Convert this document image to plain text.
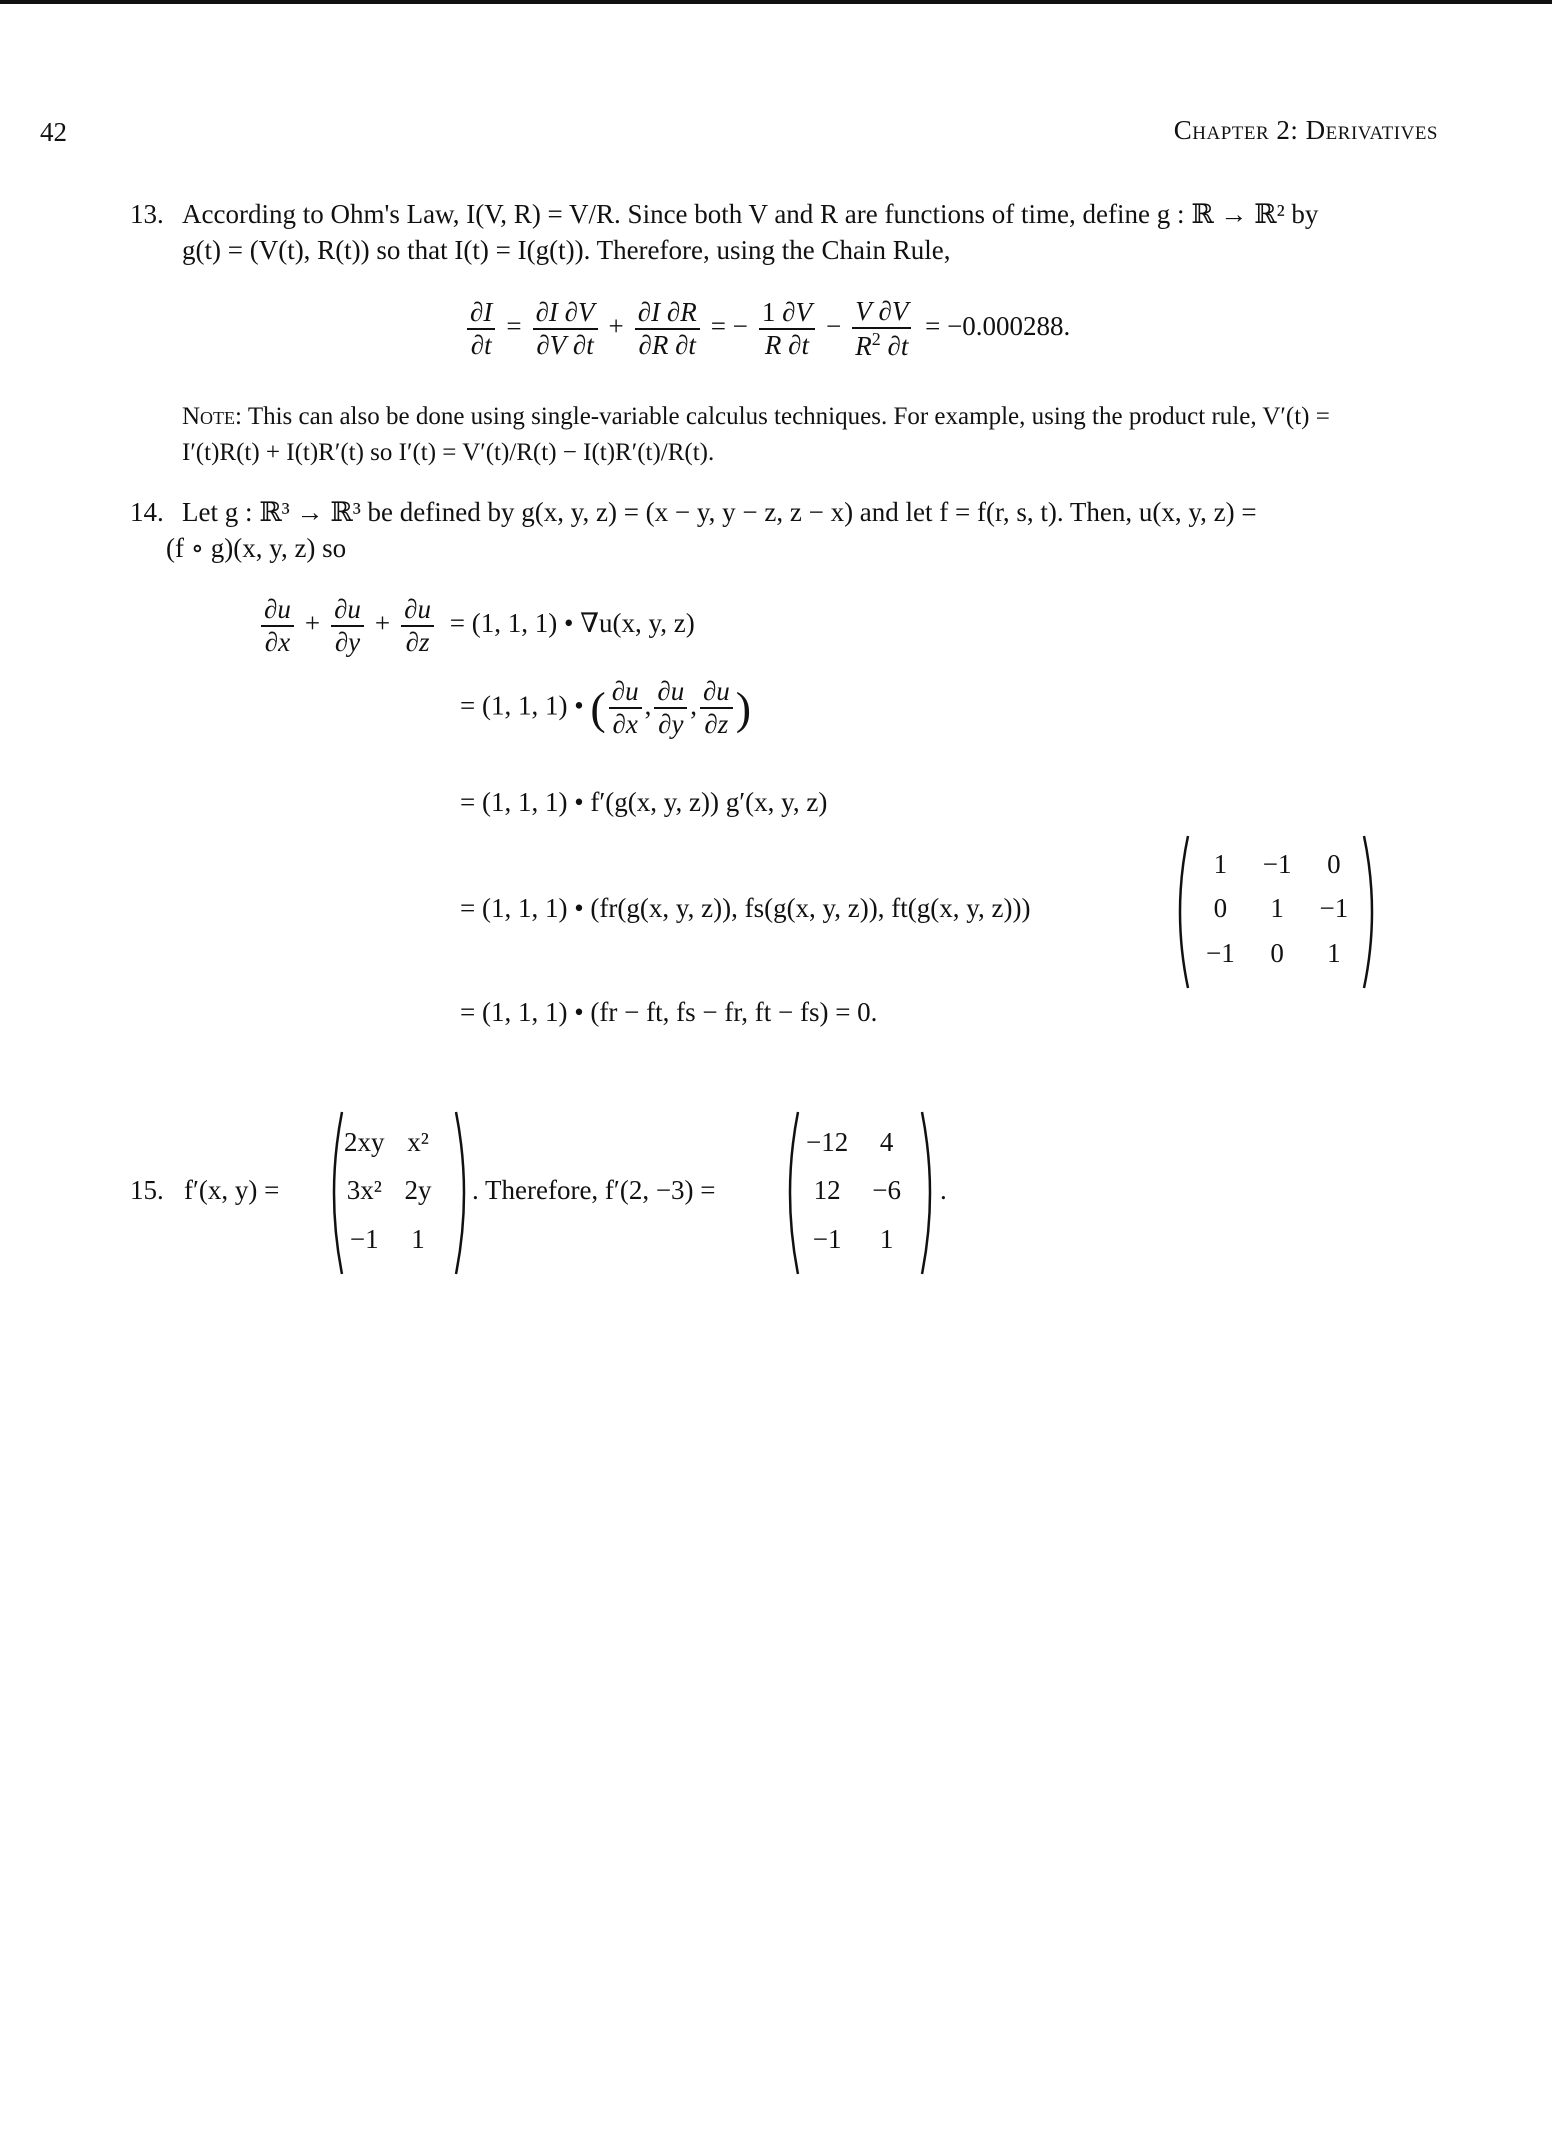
42	Chapter 2: Derivatives
13. According to Ohm's Law, I(V, R) = V/R. Since both V and R are functions of time, define g : ℝ → ℝ² by
g(t) = (V(t), R(t)) so that I(t) = I(g(t)). Therefore, using the Chain Rule,
$\frac{\partial I}{\partial t} = \frac{\partial I \partial V}{\partial V \partial t} + \frac{\partial I \partial R}{\partial R \partial t}$ = − $\frac{1 \partial V}{R \partial t} - \frac{V \partial V}{R^2 \partial t} = -0.000288$.
Note: This can also be done using single-variable calculus techniques. For example, using the product rule, V′(t) =
I′(t)R(t) + I(t)R′(t) so I′(t) = V′(t)/R(t) − I(t)R′(t)/R(t).
14. Let g : ℝ³ → ℝ³ be defined by g(x, y, z) = (x − y, y − z, z − x) and let f = f(r, s, t). Then, u(x, y, z) =
(f ∘ g)(x, y, z) so
$\frac{\partial u}{\partial x} + \frac{\partial u}{\partial y} + \frac{\partial u}{\partial z} = (1$, 1, 1) • ∇u(x, y, z)
= (1, 1, 1) • ( $\frac{\partial u}{\partial x}$ , $\frac{\partial u}{\partial y}$ , $\frac{\partial u}{\partial z}$ )
= (1, 1, 1) • f′(g(x, y, z)) g′(x, y, z)
= (1, 1, 1) • (fr(g(x, y, z)), fs(g(x, y, z)), ft(g(x, y, z)))
1	−1	0
0	1	−1
−1	0	1
= (1, 1, 1) • (fr − ft, fs − fr, ft − fs) = 0.
15. f′(x, y) =
2xy	x²
3x²	2y
−1	1
. Therefore, f′(2, −3) =
−12	4
12	−6
−1	1
.
